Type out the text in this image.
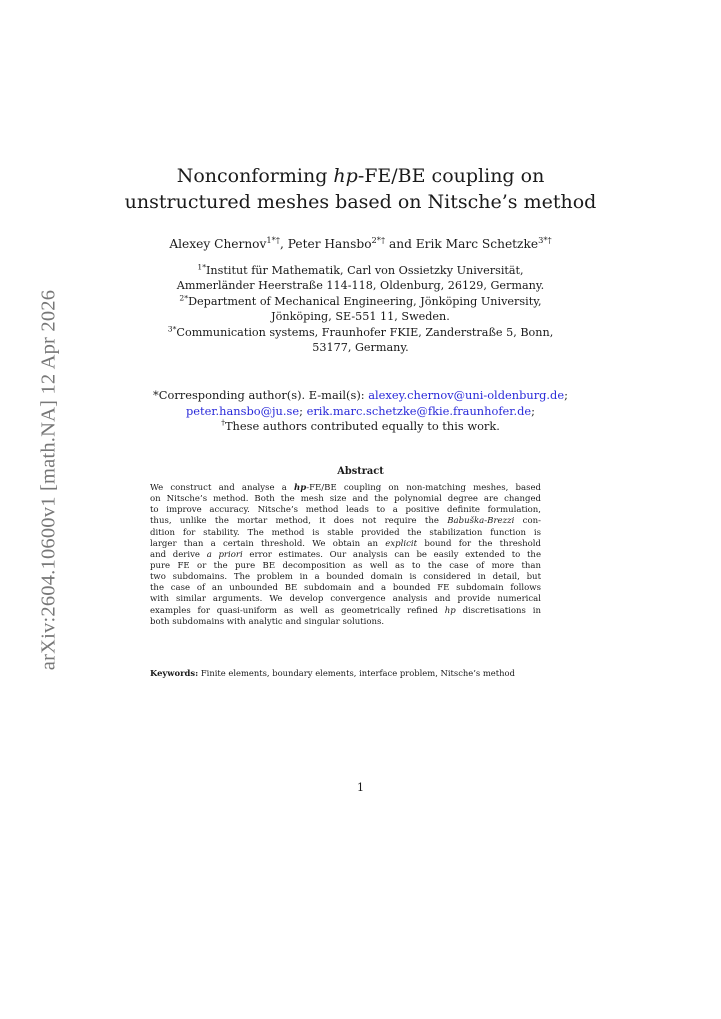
arXiv:2604.10600v1 [math.NA] 12 Apr 2026
Nonconforming hp-FE/BE coupling on
unstructured meshes based on Nitsche’s method
Alexey Chernov$^{1*\dagger}$, Peter Hansbo$^{2*\dagger}$ and Erik Marc Schetzke$^{3*\dagger}$
$^{1*}$Institut für Mathematik, Carl von Ossietzky Universität,
Ammerländer Heerstraße 114-118, Oldenburg, 26129, Germany.
$^{2*}$Department of Mechanical Engineering, Jönköping University,
Jönköping, SE-551 11, Sweden.
$^{3*}$Communication systems, Fraunhofer FKIE, Zanderstraße 5, Bonn,
53177, Germany.
*Corresponding author(s). E-mail(s): alexey.chernov@uni-oldenburg.de;
peter.hansbo@ju.se; erik.marc.schetzke@fkie.fraunhofer.de;
†These authors contributed equally to this work.
Abstract
We construct and analyse a hp-FE/BE coupling on non-matching meshes, based
on Nitsche’s method. Both the mesh size and the polynomial degree are changed
to improve accuracy. Nitsche’s method leads to a positive definite formulation,
thus, unlike the mortar method, it does not require the Babuška-Brezzi con-
dition for stability. The method is stable provided the stabilization function is
larger than a certain threshold. We obtain an explicit bound for the threshold
and derive a priori error estimates. Our analysis can be easily extended to the
pure FE or the pure BE decomposition as well as to the case of more than
two subdomains. The problem in a bounded domain is considered in detail, but
the case of an unbounded BE subdomain and a bounded FE subdomain follows
with similar arguments. We develop convergence analysis and provide numerical
examples for quasi-uniform as well as geometrically refined hp discretisations in
both subdomains with analytic and singular solutions.
Keywords: Finite elements, boundary elements, interface problem, Nitsche’s method
1
